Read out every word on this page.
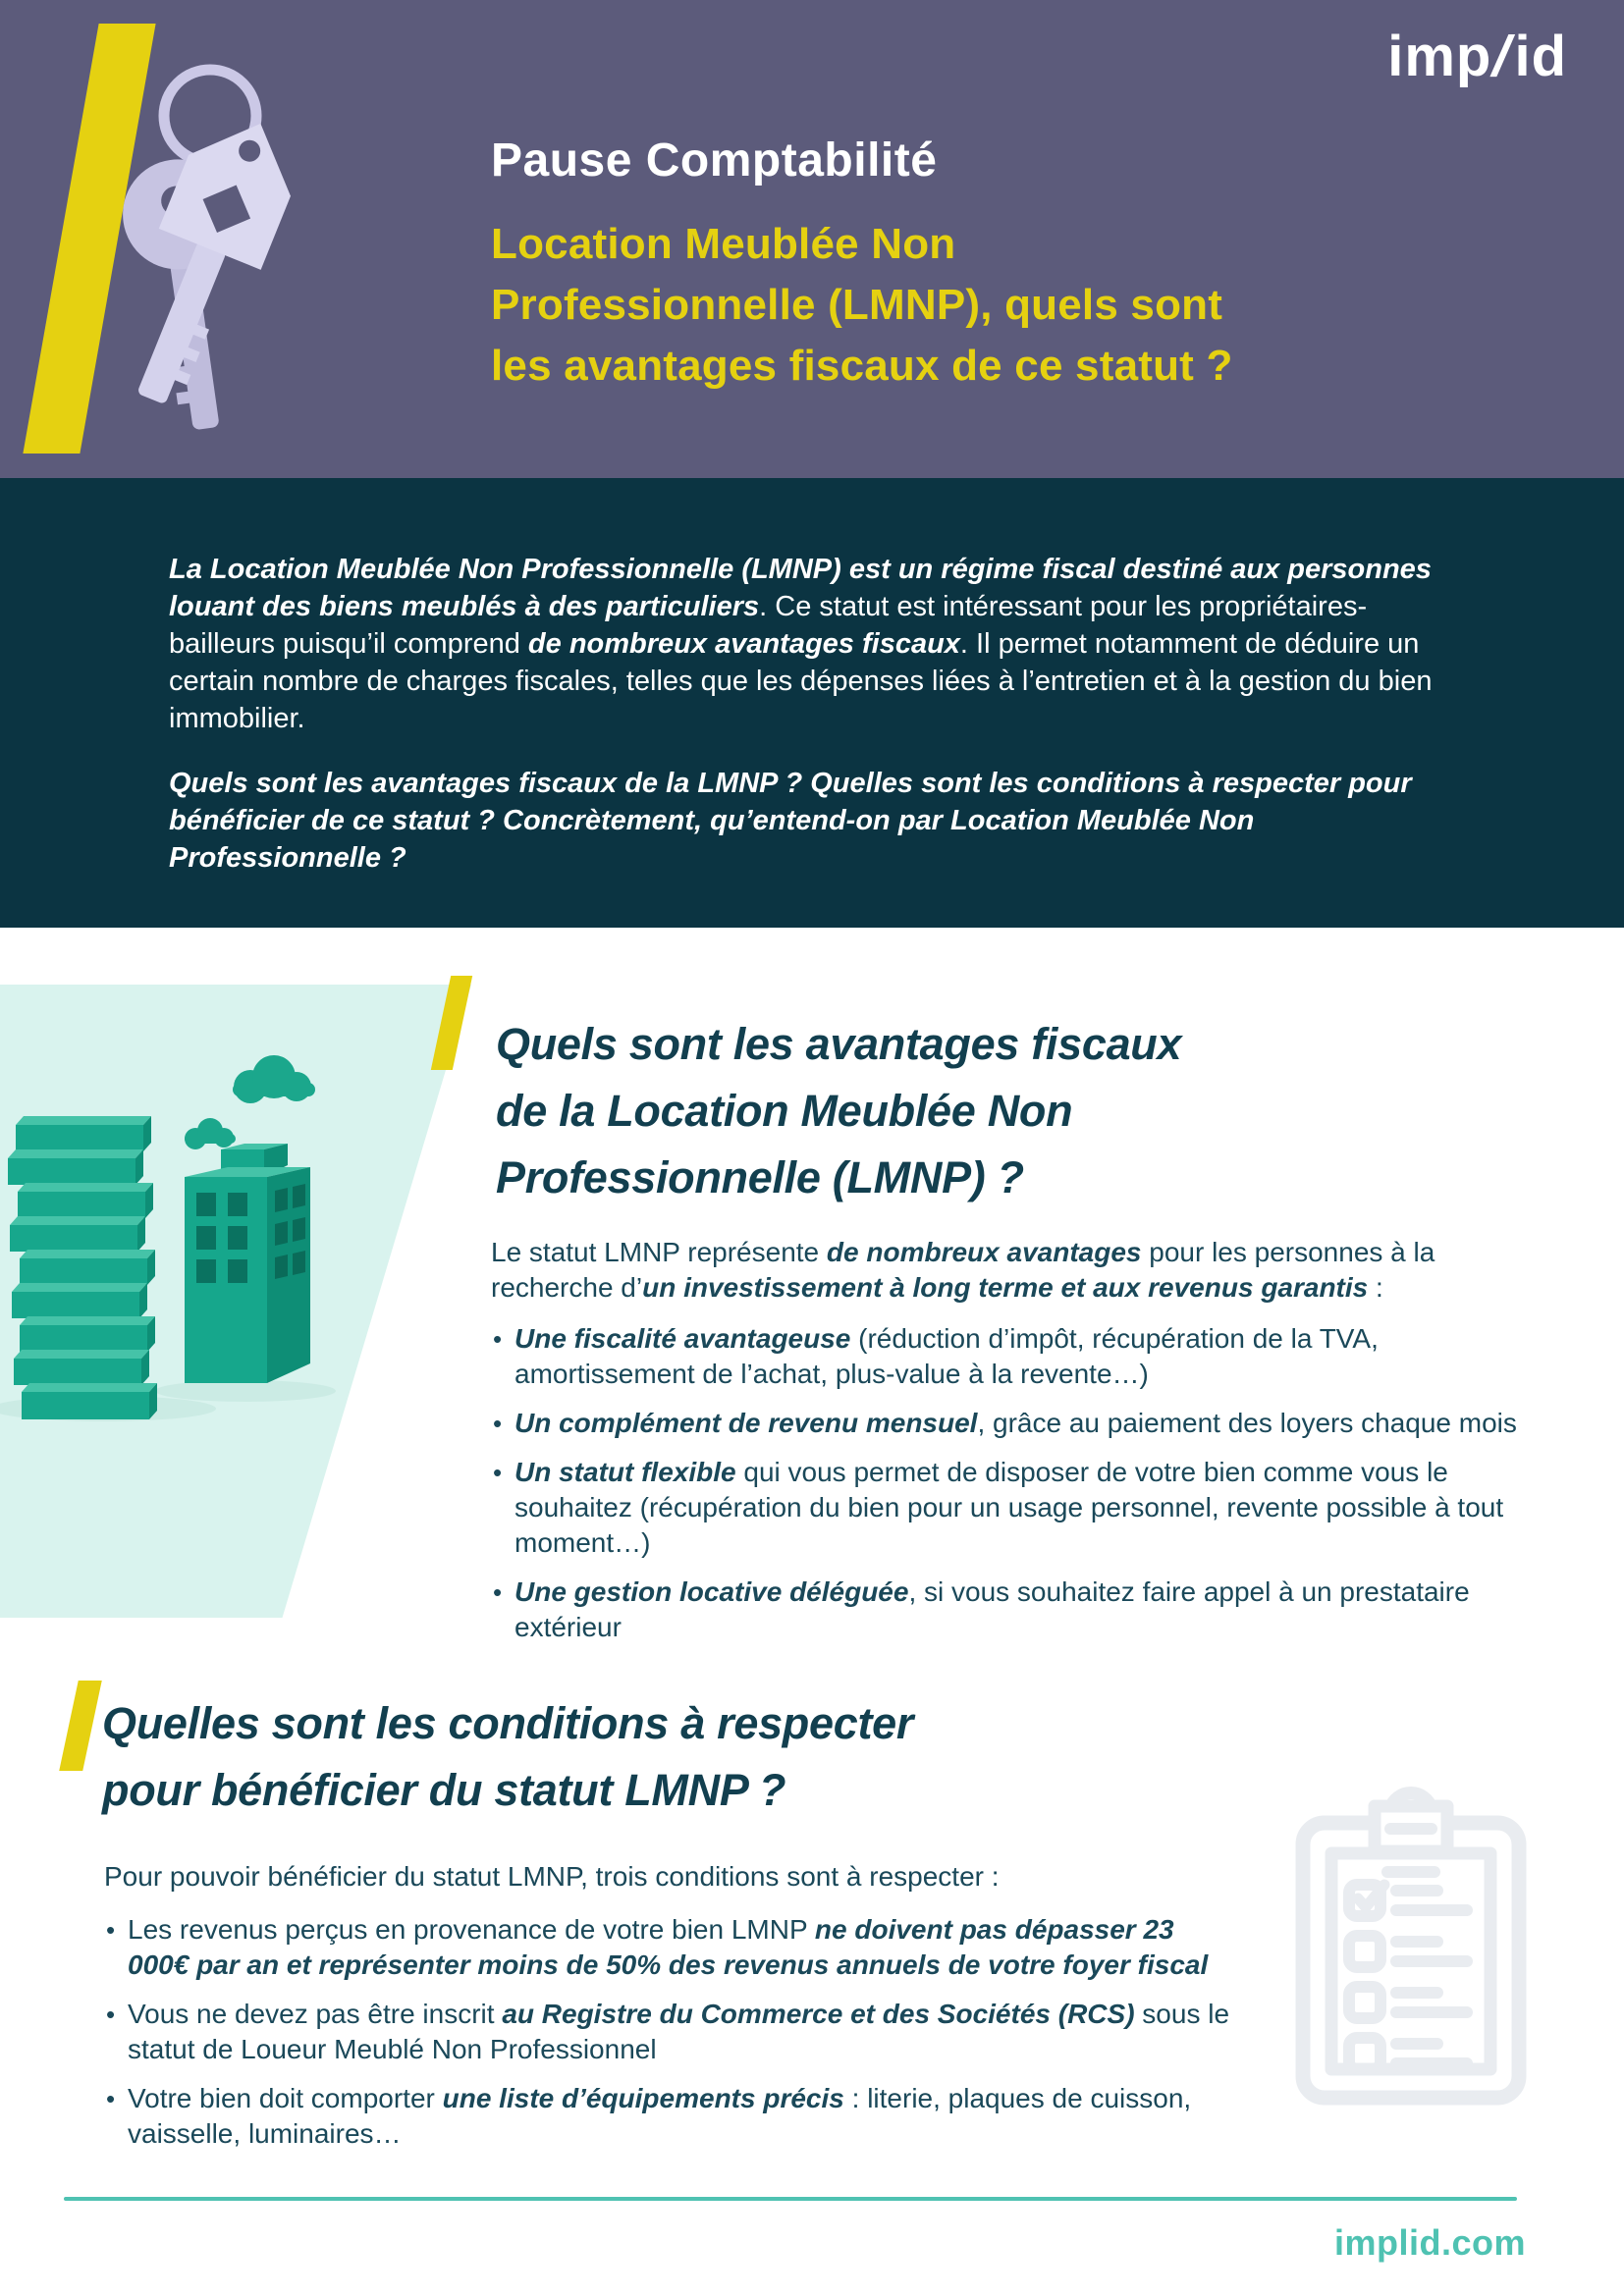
imp
/
id
Pause Comptabilité
Location Meublée Non
Professionnelle (LMNP), quels sont
les avantages fiscaux de ce statut ?

La Location Meublée Non Professionnelle (LMNP) est un régime fiscal destiné aux personnes louant des biens meublés à des particuliers. Ce statut est intéressant pour les propriétaires-bailleurs puisqu’il comprend de nombreux avantages fiscaux. Il permet notamment de déduire un certain nombre de charges fiscales, telles que les dépenses liées à l’entretien et à la gestion du bien immobilier.

Quels sont les avantages fiscaux de la LMNP ? Quelles sont les conditions à respecter pour bénéficier de ce statut ? Concrètement, qu’entend-on par Location Meublée Non Professionnelle ?

Quels sont les avantages fiscaux
de la Location Meublée Non
Professionnelle (LMNP) ?

Le statut LMNP représente de nombreux avantages pour les personnes à la recherche d’un investissement à long terme et aux revenus garantis :

• Une fiscalité avantageuse (réduction d’impôt, récupération de la TVA, amortissement de l’achat, plus-value à la revente…)
• Un complément de revenu mensuel, grâce au paiement des loyers chaque mois
• Un statut flexible qui vous permet de disposer de votre bien comme vous le souhaitez (récupération du bien pour un usage personnel, revente possible à tout moment…)
• Une gestion locative déléguée, si vous souhaitez faire appel à un prestataire extérieur
Quelles sont les conditions à respecter
pour bénéficier du statut LMNP ?

Pour pouvoir bénéficier du statut LMNP, trois conditions sont à respecter :

• Les revenus perçus en provenance de votre bien LMNP ne doivent pas dépasser 23 000€ par an et représenter moins de 50% des revenus annuels de votre foyer fiscal
• Vous ne devez pas être inscrit au Registre du Commerce et des Sociétés (RCS) sous le statut de Loueur Meublé Non Professionnel
• Votre bien doit comporter une liste d’équipements précis : literie, plaques de cuisson, vaisselle, luminaires…
implid.com
